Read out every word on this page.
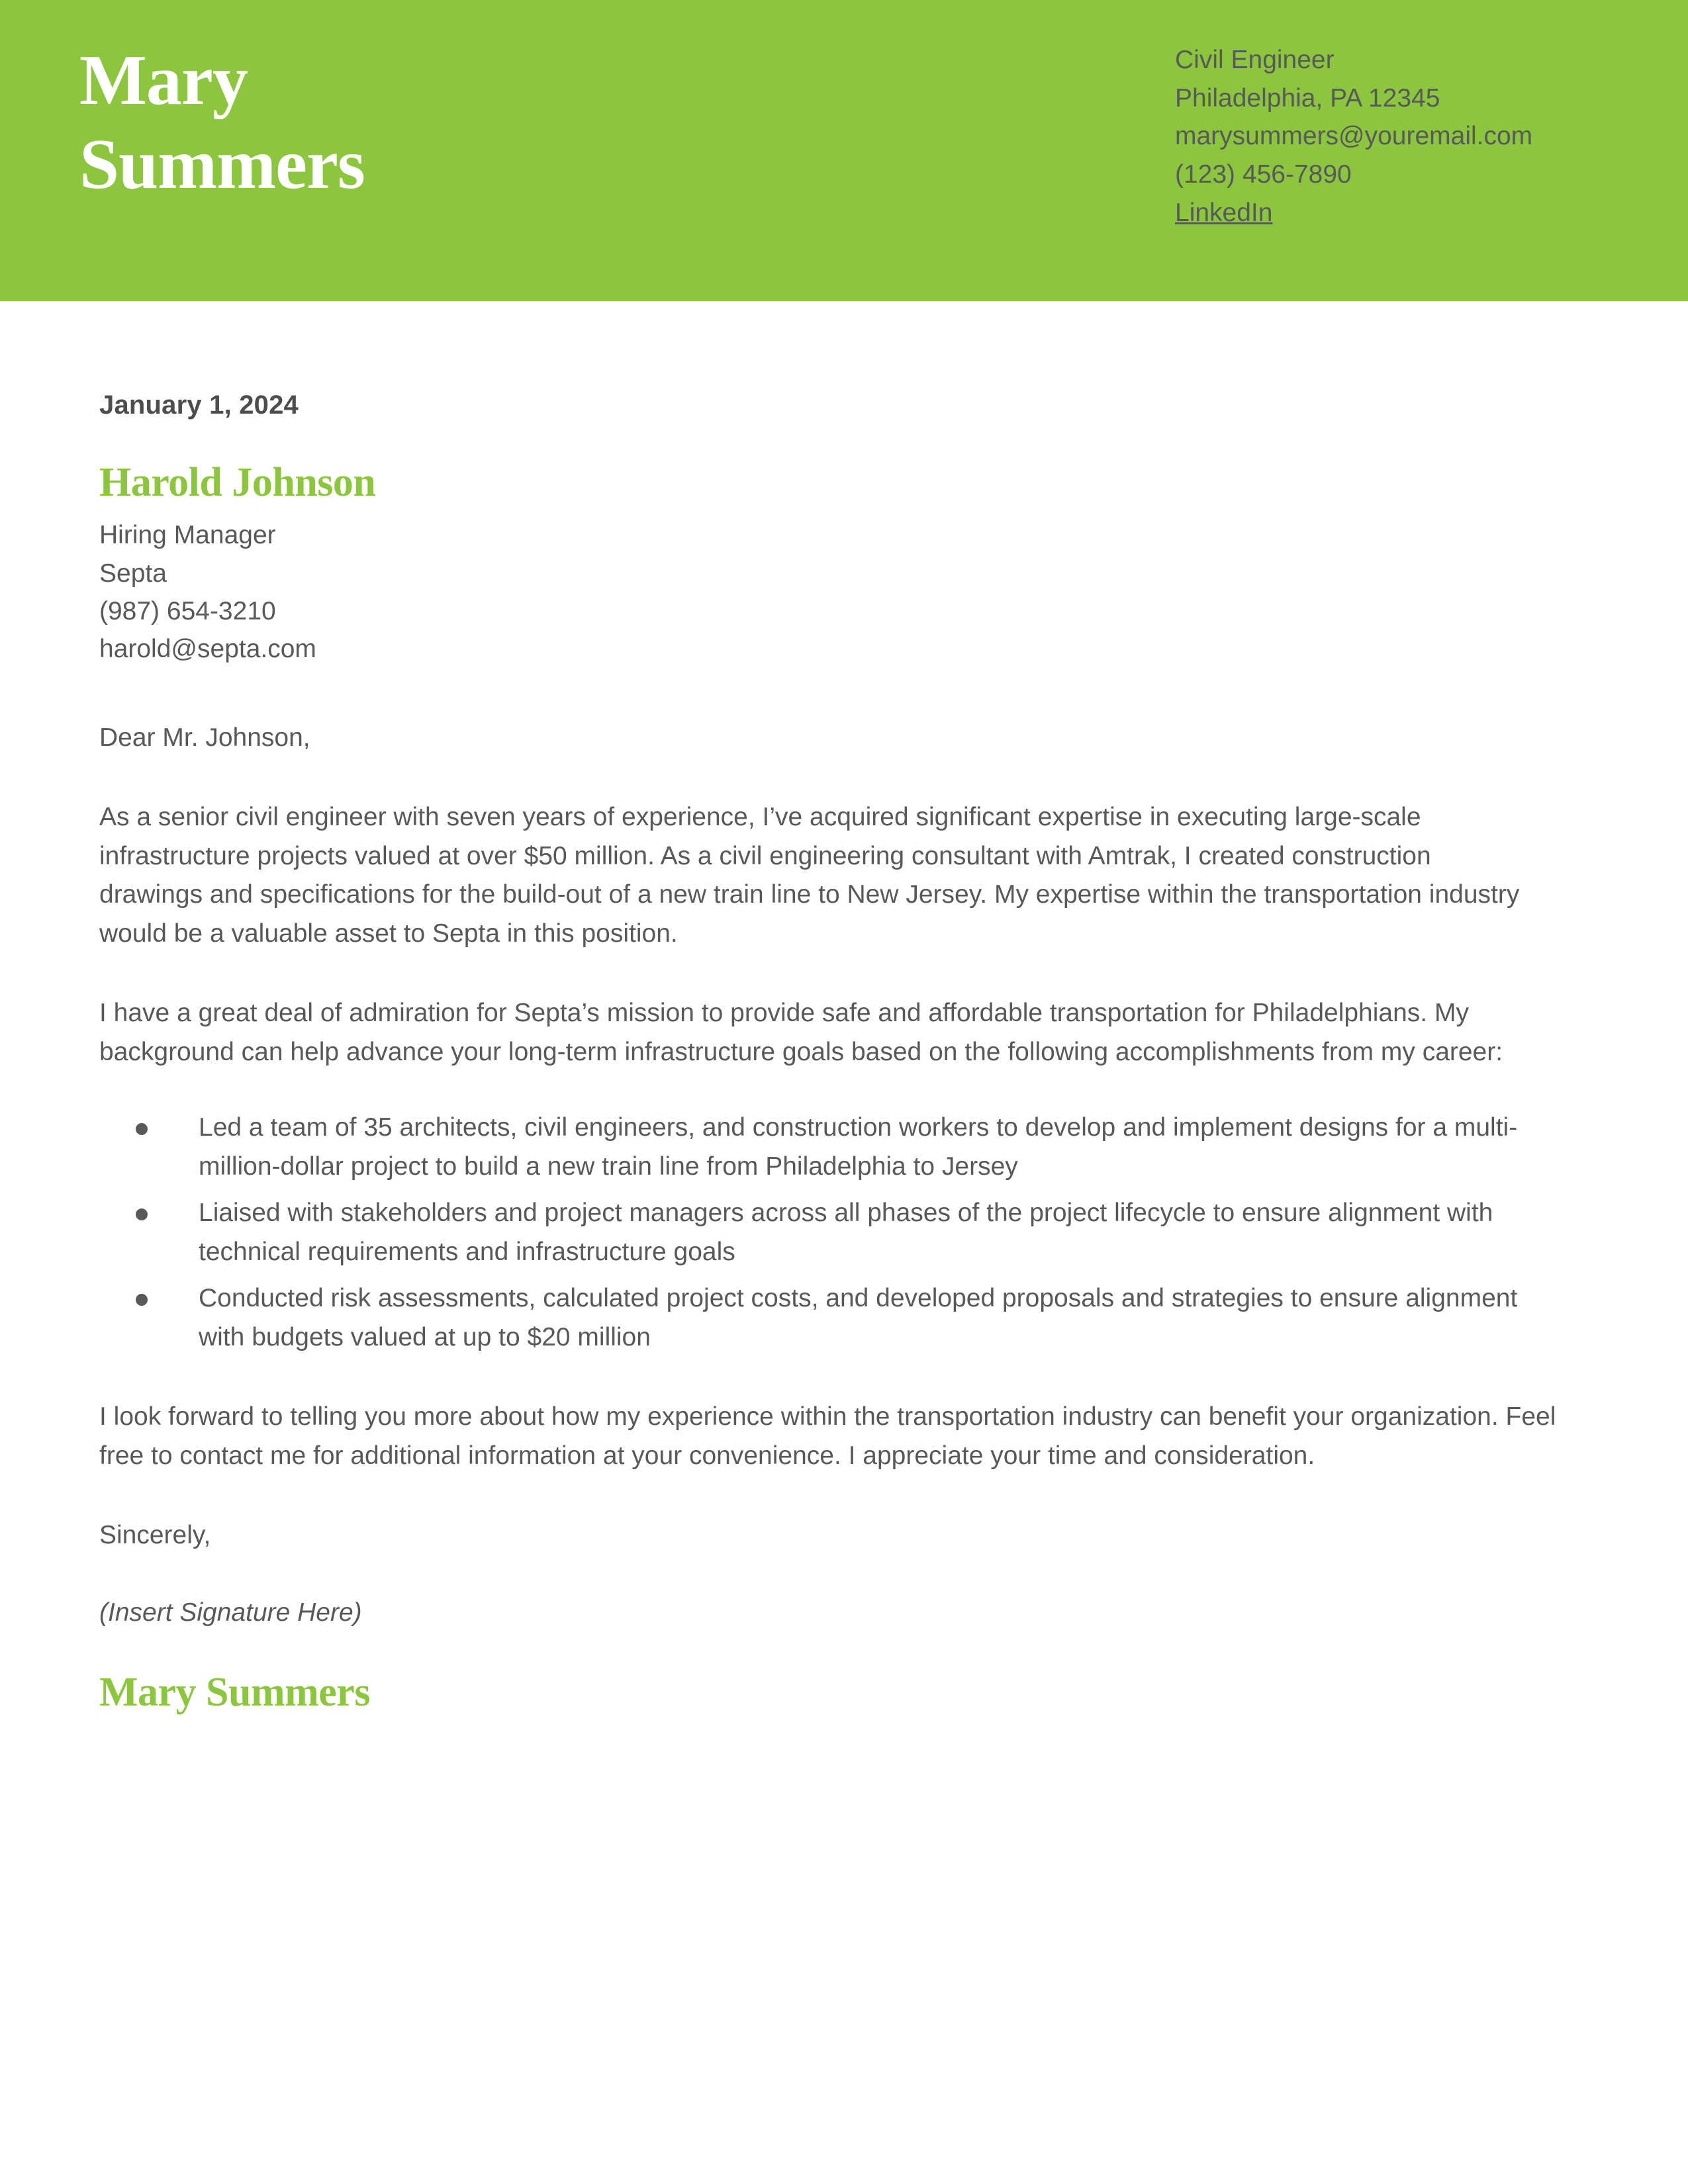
Mary
Summers
Civil Engineer
Philadelphia, PA 12345
marysummers@youremail.com
(123) 456-7890
LinkedIn
January 1, 2024
Harold Johnson
Hiring Manager
Septa
(987) 654-3210
harold@septa.com
Dear Mr. Johnson,
As a senior civil engineer with seven years of experience, I’ve acquired significant expertise in executing large-scale infrastructure projects valued at over $50 million. As a civil engineering consultant with Amtrak, I created construction drawings and specifications for the build-out of a new train line to New Jersey. My expertise within the transportation industry would be a valuable asset to Septa in this position.
I have a great deal of admiration for Septa’s mission to provide safe and affordable transportation for Philadelphians. My background can help advance your long-term infrastructure goals based on the following accomplishments from my career:
Led a team of 35 architects, civil engineers, and construction workers to develop and implement designs for a multi-million-dollar project to build a new train line from Philadelphia to Jersey
Liaised with stakeholders and project managers across all phases of the project lifecycle to ensure alignment with technical requirements and infrastructure goals
Conducted risk assessments, calculated project costs, and developed proposals and strategies to ensure alignment with budgets valued at up to $20 million
I look forward to telling you more about how my experience within the transportation industry can benefit your organization. Feel free to contact me for additional information at your convenience. I appreciate your time and consideration.
Sincerely,
(Insert Signature Here)
Mary Summers
